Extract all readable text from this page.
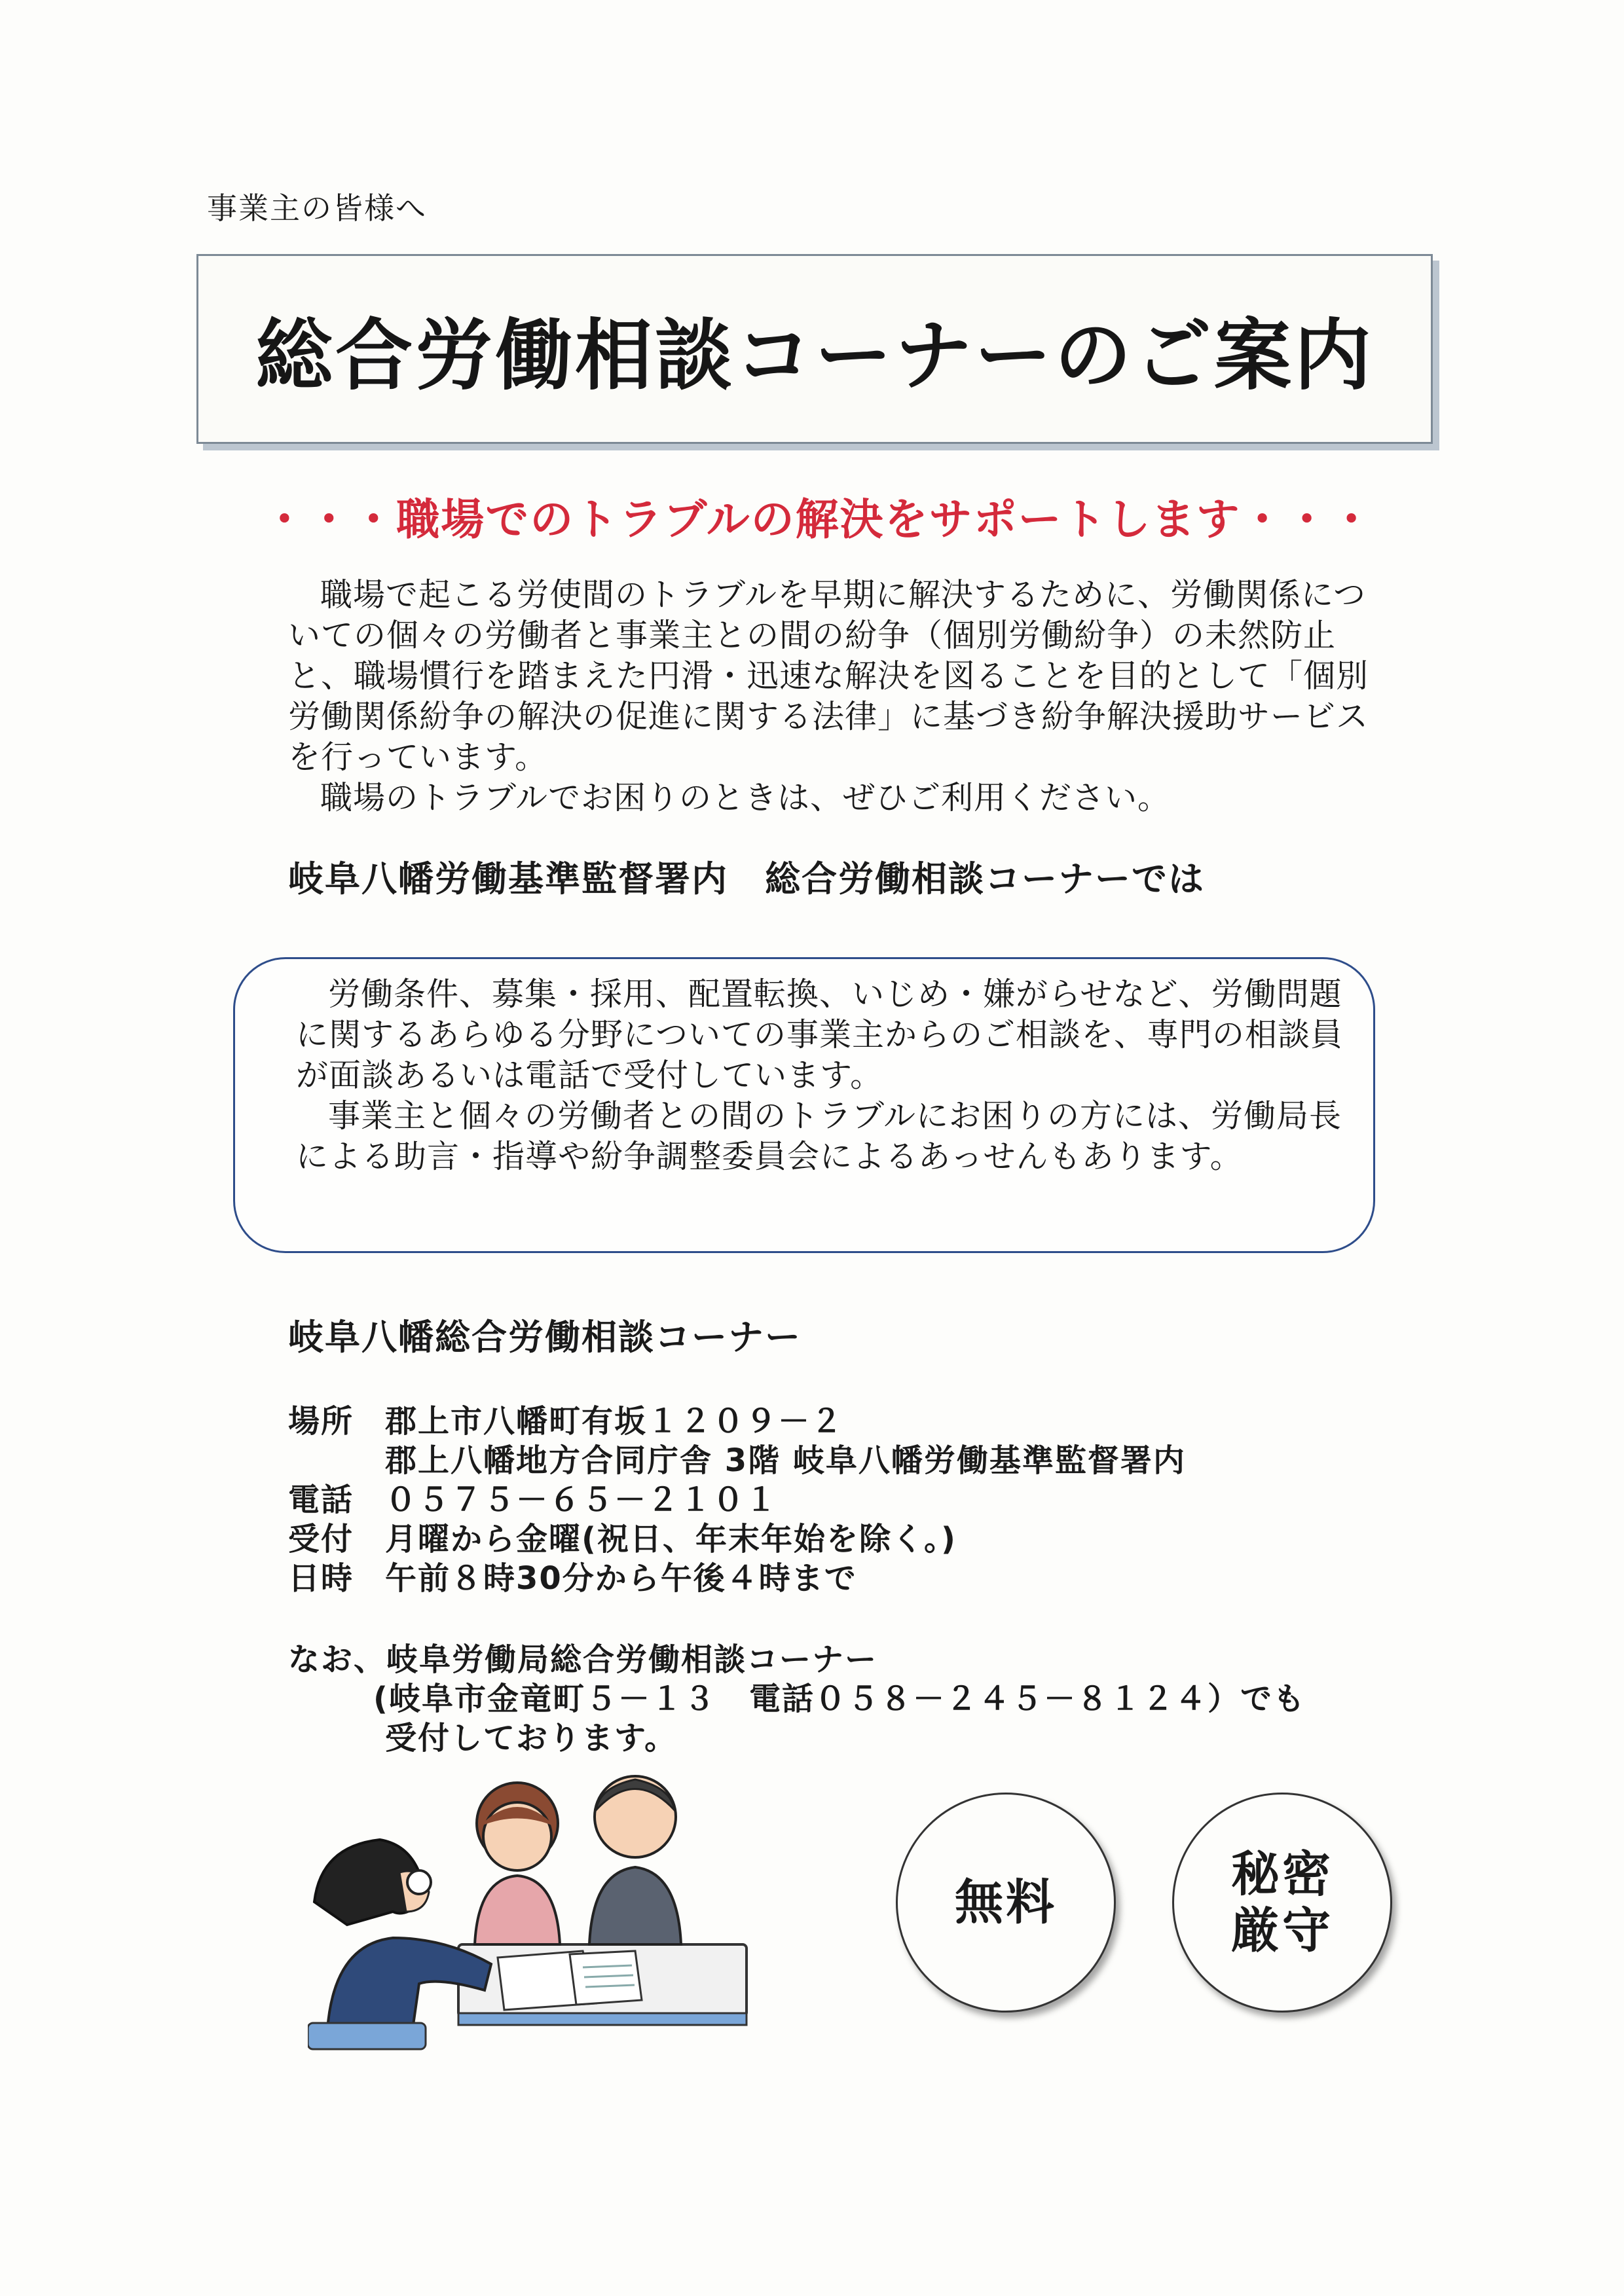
事業主の皆様へ
総合労働相談コーナーのご案内
・・・職場でのトラブルの解決をサポートします・・・

職場で起こる労使間のトラブルを早期に解決するために、労働関係についての個々の労働者と事業主との間の紛争（個別労働紛争）の未然防止と、職場慣行を踏まえた円滑・迅速な解決を図ることを目的として「個別労働関係紛争の解決の促進に関する法律」に基づき紛争解決援助サービスを行っています。

職場のトラブルでお困りのときは、ぜひご利用ください。

岐阜八幡労働基準監督署内　総合労働相談コーナーでは

労働条件、募集・採用、配置転換、いじめ・嫌がらせなど、労働問題に関するあらゆる分野についての事業主からのご相談を、専門の相談員が面談あるいは電話で受付しています。

事業主と個々の労働者との間のトラブルにお困りの方には、労働局長による助言・指導や紛争調整委員会によるあっせんもあります。

岐阜八幡総合労働相談コーナー
場所 郡上市八幡町有坂１２０９－２
郡上八幡地方合同庁舎 3階 岐阜八幡労働基準監督署内
電話 ０５７５－６５－２１０１
受付 月曜から金曜(祝日、年末年始を除く。)
日時 午前８時30分から午後４時まで
なお、岐阜労働局総合労働相談コーナー
(岐阜市金竜町５－１３　電話０５８－２４５－８１２４）でも
受付しております。
無料	秘密
厳守
